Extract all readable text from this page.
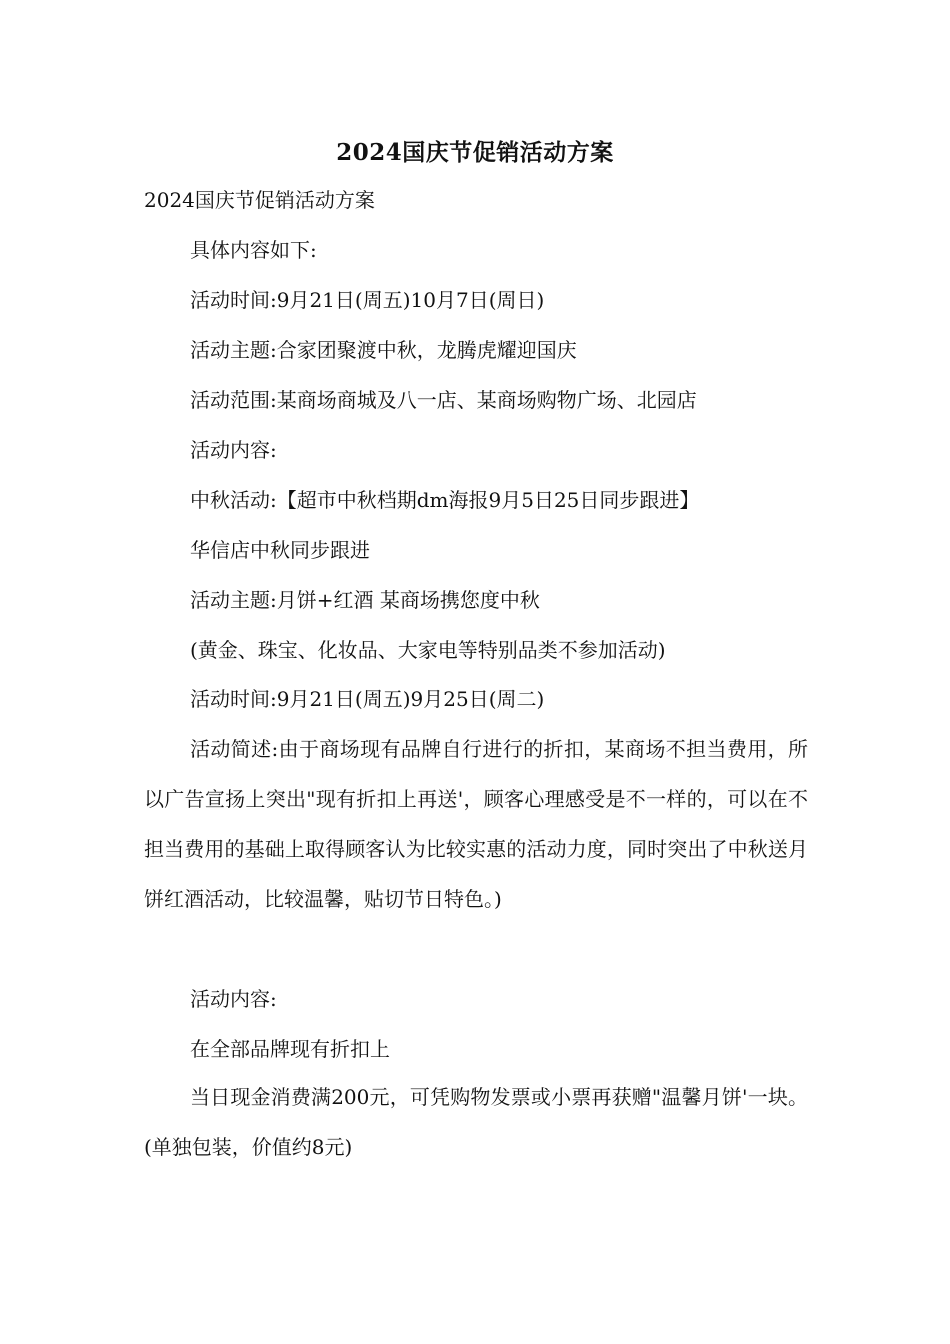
2024国庆节促销活动方案
2024国庆节促销活动方案
具体内容如下:
活动时间:9月21日(周五)10月7日(周日)
活动主题:合家团聚渡中秋，龙腾虎耀迎国庆
活动范围:某商场商城及八一店、某商场购物广场、北园店
活动内容:
中秋活动:【超市中秋档期dm海报9月5日25日同步跟进】
华信店中秋同步跟进
活动主题:月饼+红酒 某商场携您度中秋
(黄金、珠宝、化妆品、大家电等特别品类不参加活动)
活动时间:9月21日(周五)9月25日(周二)
活动简述:由于商场现有品牌自行进行的折扣，某商场不担当费用，所以广告宣扬上突出"现有折扣上再送'，顾客心理感受是不一样的，可以在不担当费用的基础上取得顾客认为比较实惠的活动力度，同时突出了中秋送月饼红酒活动，比较温馨，贴切节日特色。)
活动内容:
在全部品牌现有折扣上
当日现金消费满200元，可凭购物发票或小票再获赠"温馨月饼'一块。(单独包装，价值约8元)
